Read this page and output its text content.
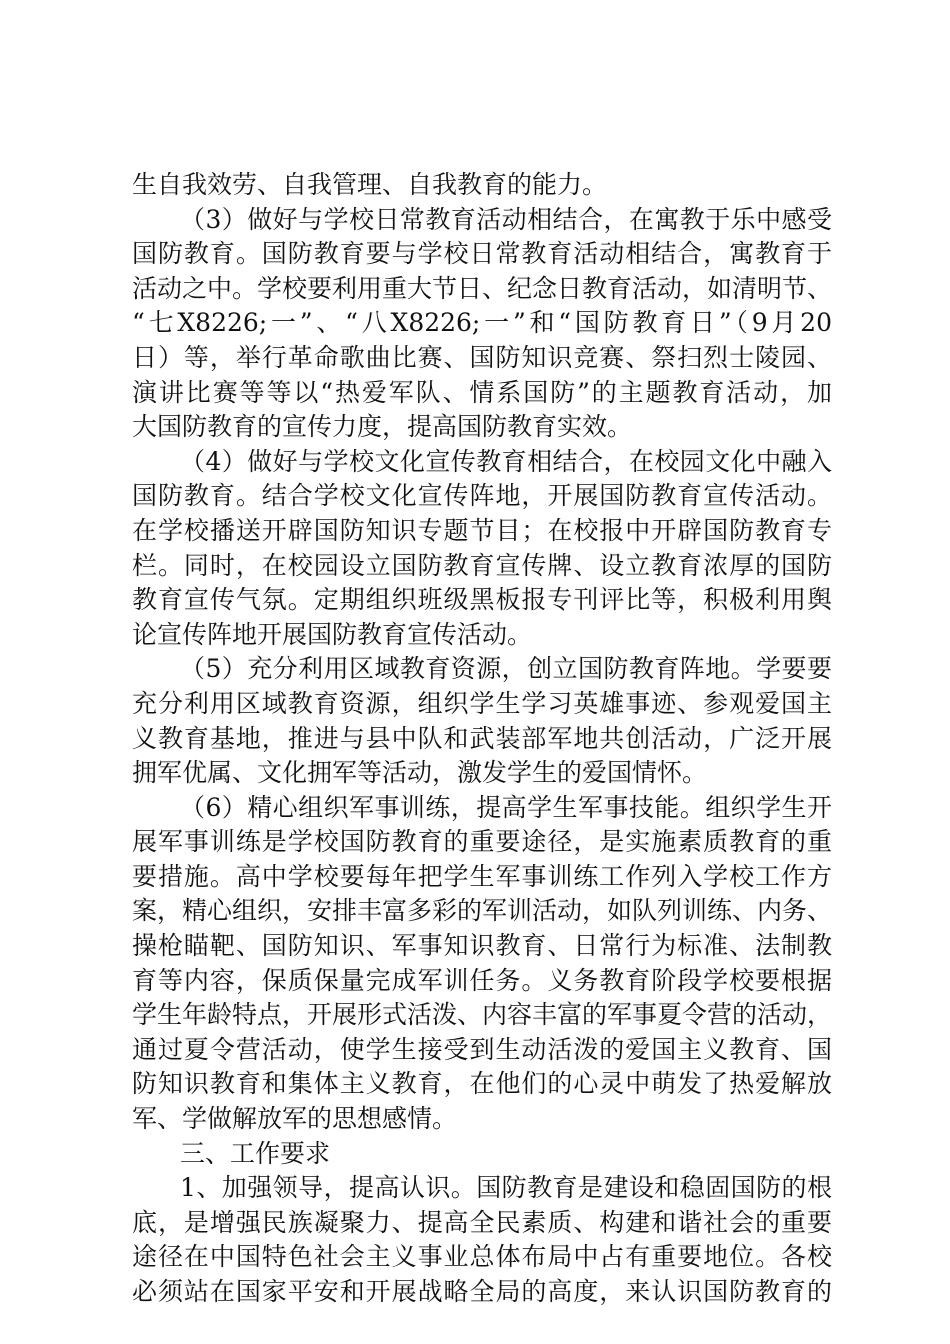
生自我效劳、自我管理、自我教育的能力。
（3）做好与学校日常教育活动相结合，在寓教于乐中感受
国防教育。国防教育要与学校日常教育活动相结合，寓教育于
活动之中。学校要利用重大节日、纪念日教育活动，如清明节、
“七X8226;一”、“八X8226;一”和“国防教育日”（9月20
日）等，举行革命歌曲比赛、国防知识竞赛、祭扫烈士陵园、
演讲比赛等等以“热爱军队、情系国防”的主题教育活动，加
大国防教育的宣传力度，提高国防教育实效。
（4）做好与学校文化宣传教育相结合，在校园文化中融入
国防教育。结合学校文化宣传阵地，开展国防教育宣传活动。
在学校播送开辟国防知识专题节目；在校报中开辟国防教育专
栏。同时，在校园设立国防教育宣传牌、设立教育浓厚的国防
教育宣传气氛。定期组织班级黑板报专刊评比等，积极利用舆
论宣传阵地开展国防教育宣传活动。
（5）充分利用区域教育资源，创立国防教育阵地。学要要
充分利用区域教育资源，组织学生学习英雄事迹、参观爱国主
义教育基地，推进与县中队和武装部军地共创活动，广泛开展
拥军优属、文化拥军等活动，激发学生的爱国情怀。
（6）精心组织军事训练，提高学生军事技能。组织学生开
展军事训练是学校国防教育的重要途径，是实施素质教育的重
要措施。高中学校要每年把学生军事训练工作列入学校工作方
案，精心组织，安排丰富多彩的军训活动，如队列训练、内务、
操枪瞄靶、国防知识、军事知识教育、日常行为标准、法制教
育等内容，保质保量完成军训任务。义务教育阶段学校要根据
学生年龄特点，开展形式活泼、内容丰富的军事夏令营的活动，
通过夏令营活动，使学生接受到生动活泼的爱国主义教育、国
防知识教育和集体主义教育，在他们的心灵中萌发了热爱解放
军、学做解放军的思想感情。
三、工作要求
1、加强领导，提高认识。国防教育是建设和稳固国防的根
底，是增强民族凝聚力、提高全民素质、构建和谐社会的重要
途径在中国特色社会主义事业总体布局中占有重要地位。各校
必须站在国家平安和开展战略全局的高度，来认识国防教育的
